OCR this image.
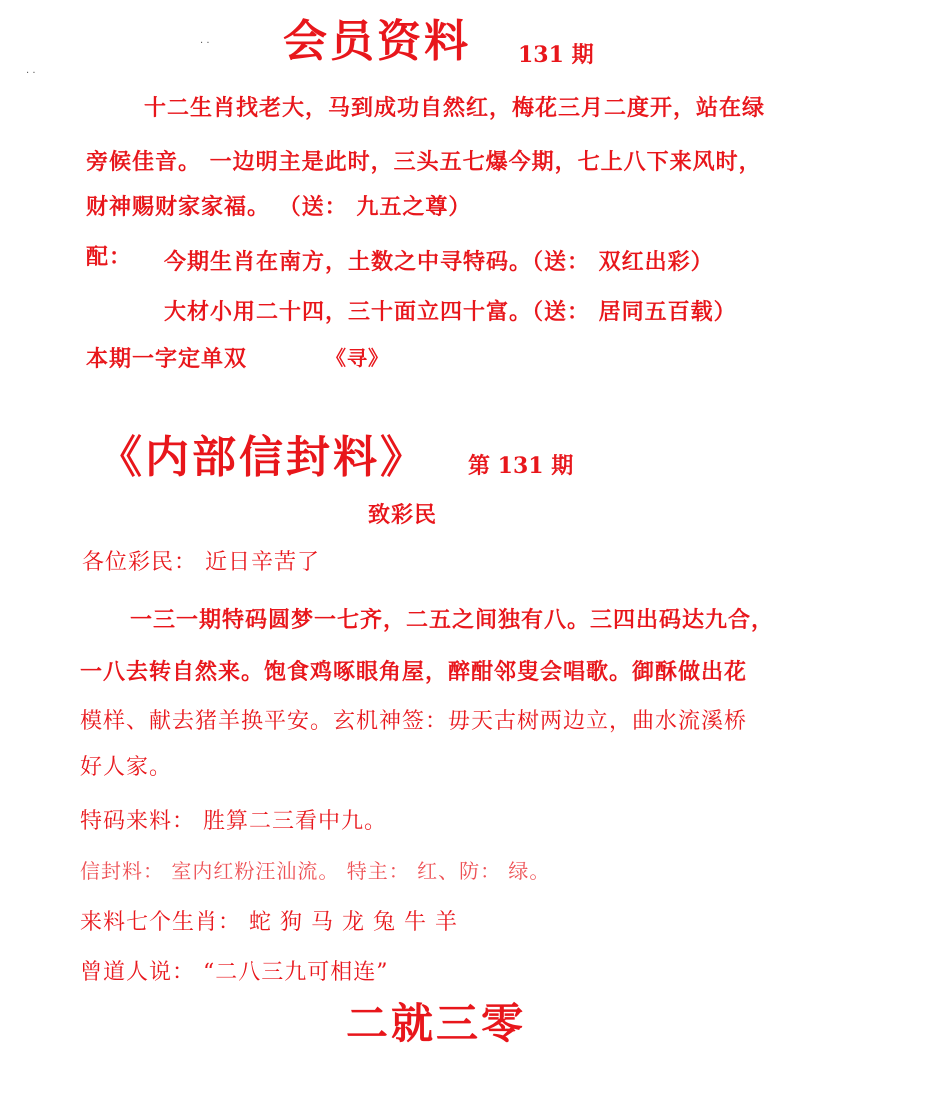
· ·
· ·
会员资料 131 期
十二生肖找老大，马到成功自然红，梅花三月二度开，站在绿
旁候佳音。 一边明主是此时，三头五七爆今期，七上八下来风时，
财神赐财家家福。 （送： 九五之尊）
配： 今期生肖在南方，土数之中寻特码。（送： 双红出彩）
大材小用二十四，三十面立四十富。（送： 居同五百载）
本期一字定单双	《寻》
《内部信封料》 第 131 期
致彩民
各位彩民： 近日辛苦了
一三一期特码圆梦一七齐，二五之间独有八。三四出码达九合，
一八去转自然来。饱食鸡啄眼角屋，醉酣邻叟会唱歌。御酥做出花
模样、献去猪羊换平安。玄机神签：毋天古树两边立，曲水流溪桥
好人家。
特码来料： 胜算二三看中九。
信封料： 室内红粉汪汕流。 特主： 红、防： 绿。
来料七个生肖： 蛇 狗 马 龙 兔 牛 羊
曾道人说： “二八三九可相连”
二就三零
